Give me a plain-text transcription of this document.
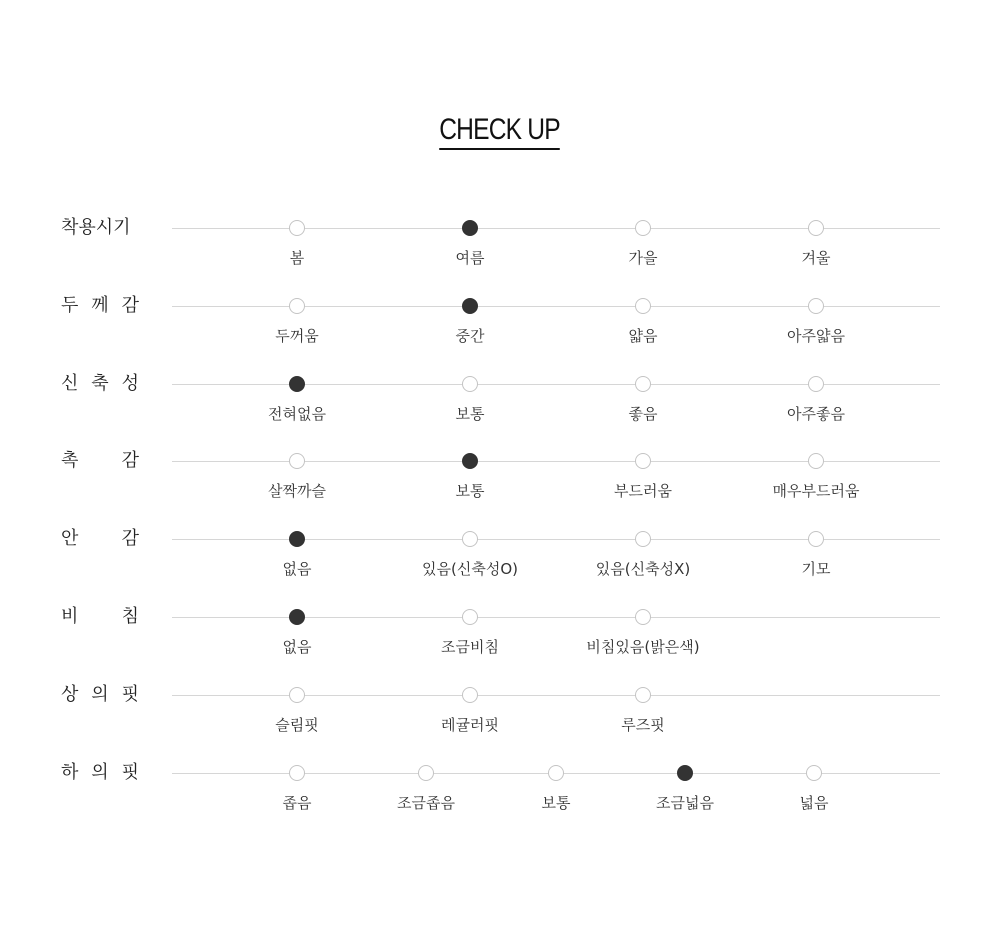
CHECK UP
착용시기
봄	여름	가을	겨울
두 께 감
두꺼움	중간	얇음	아주얇음
신 축 성
전혀없음	보통	좋음	아주좋음
촉 감
살짝까슬	보통	부드러움	매우부드러움
안 감
없음	있음(신축성O)	있음(신축성X)	기모
비 침
없음	조금비침	비침있음(밝은색)
상 의 핏
슬림핏	레귤러핏	루즈핏
하 의 핏
좁음	조금좁음	보통	조금넓음	넓음
